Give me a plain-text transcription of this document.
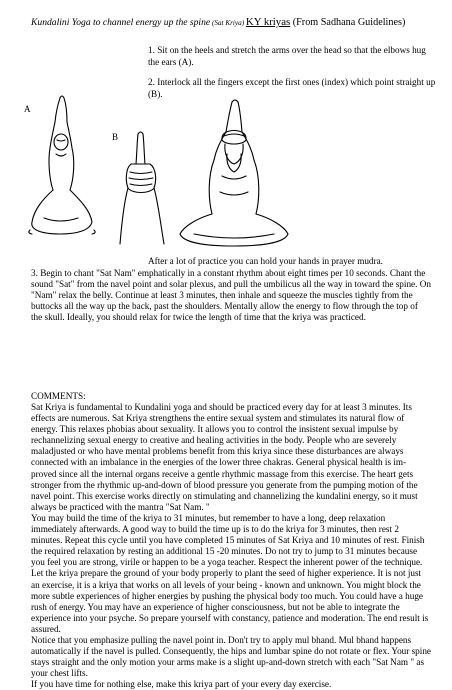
Kundalini Yoga to channel energy up the spine (Sat Kriya) KY kriyas (From Sadhana Guidelines)
1. Sit on the heels and stretch the arms over the head so that the elbows hug the ears (A).
2. Interlock all the fingers except the first ones (index) which point straight up (B).
A
B
After a lot of practice you can hold your hands in prayer mudra.

3. Begin to chant "Sat Nam" emphatically in a constant rhythm about eight times per 10 seconds. Chant the sound "Sat" from the navel point and solar plexus, and pull the umbilicus all the way in toward the spine. On "Nam" relax the belly. Continue at least 3 minutes, then inhale and squeeze the muscles tightly from the buttocks all the way up the back, past the shoulders. Mentally allow the energy to flow through the top of the skull. Ideally, you should relax for twice the length of time that the kriya was practiced.

COMMENTS:

Sat Kriya is fundamental to Kundalini yoga and should be practiced every day for at least 3 minutes. Its effects are numerous. Sat Kriya strengthens the entire sexual system and stimulates its natural flow of energy. This relaxes phobias about sexuality. It allows you to control the insistent sexual impulse by rechannelizing sexual energy to creative and healing activities in the body. People who are severely maladjusted or who have mental problems benefit from this kriya since these disturbances are always connected with an imbalance in the energies of the lower three chakras. General physical health is im-proved since all the internal organs receive a gentle rhythmic massage from this exercise. The heart gets stronger from the rhythmic up-and-down of blood pressure you generate from the pumping motion of the navel point. This exercise works directly on stimulating and channelizing the kundalini energy, so it must always be practiced with the mantra "Sat Nam. "

You may build the time of the kriya to 31 minutes, but remember to have a long, deep relaxation immediately afterwards. A good way to build the time up is to do the kriya for 3 minutes, then rest 2 minutes. Repeat this cycle until you have completed 15 minutes of Sat Kriya and 10 minutes of rest. Finish the required relaxation by resting an additional 15 -20 minutes. Do not try to jump to 31 minutes because you feel you are strong, virile or happen to be a yoga teacher. Respect the inherent power of the technique. Let the kriya prepare the ground of your body properly to plant the seed of higher experience. It is not just an exercise, it is a kriya that works on all levels of your being - known and unknown. You might block the more subtle experiences of higher energies by pushing the physical body too much. You could have a huge rush of energy. You may have an experience of higher consciousness, but not be able to integrate the experience into your psyche. So prepare yourself with constancy, patience and moderation. The end result is assured.

Notice that you emphasize pulling the navel point in. Don't try to apply mul bhand. Mul bhand happens automatically if the navel is pulled. Consequently, the hips and lumbar spine do not rotate or flex. Your spine stays straight and the only motion your arms make is a slight up-and-down stretch with each "Sat Nam " as your chest lifts.

If you have time for nothing else, make this kriya part of your every day exercise.
